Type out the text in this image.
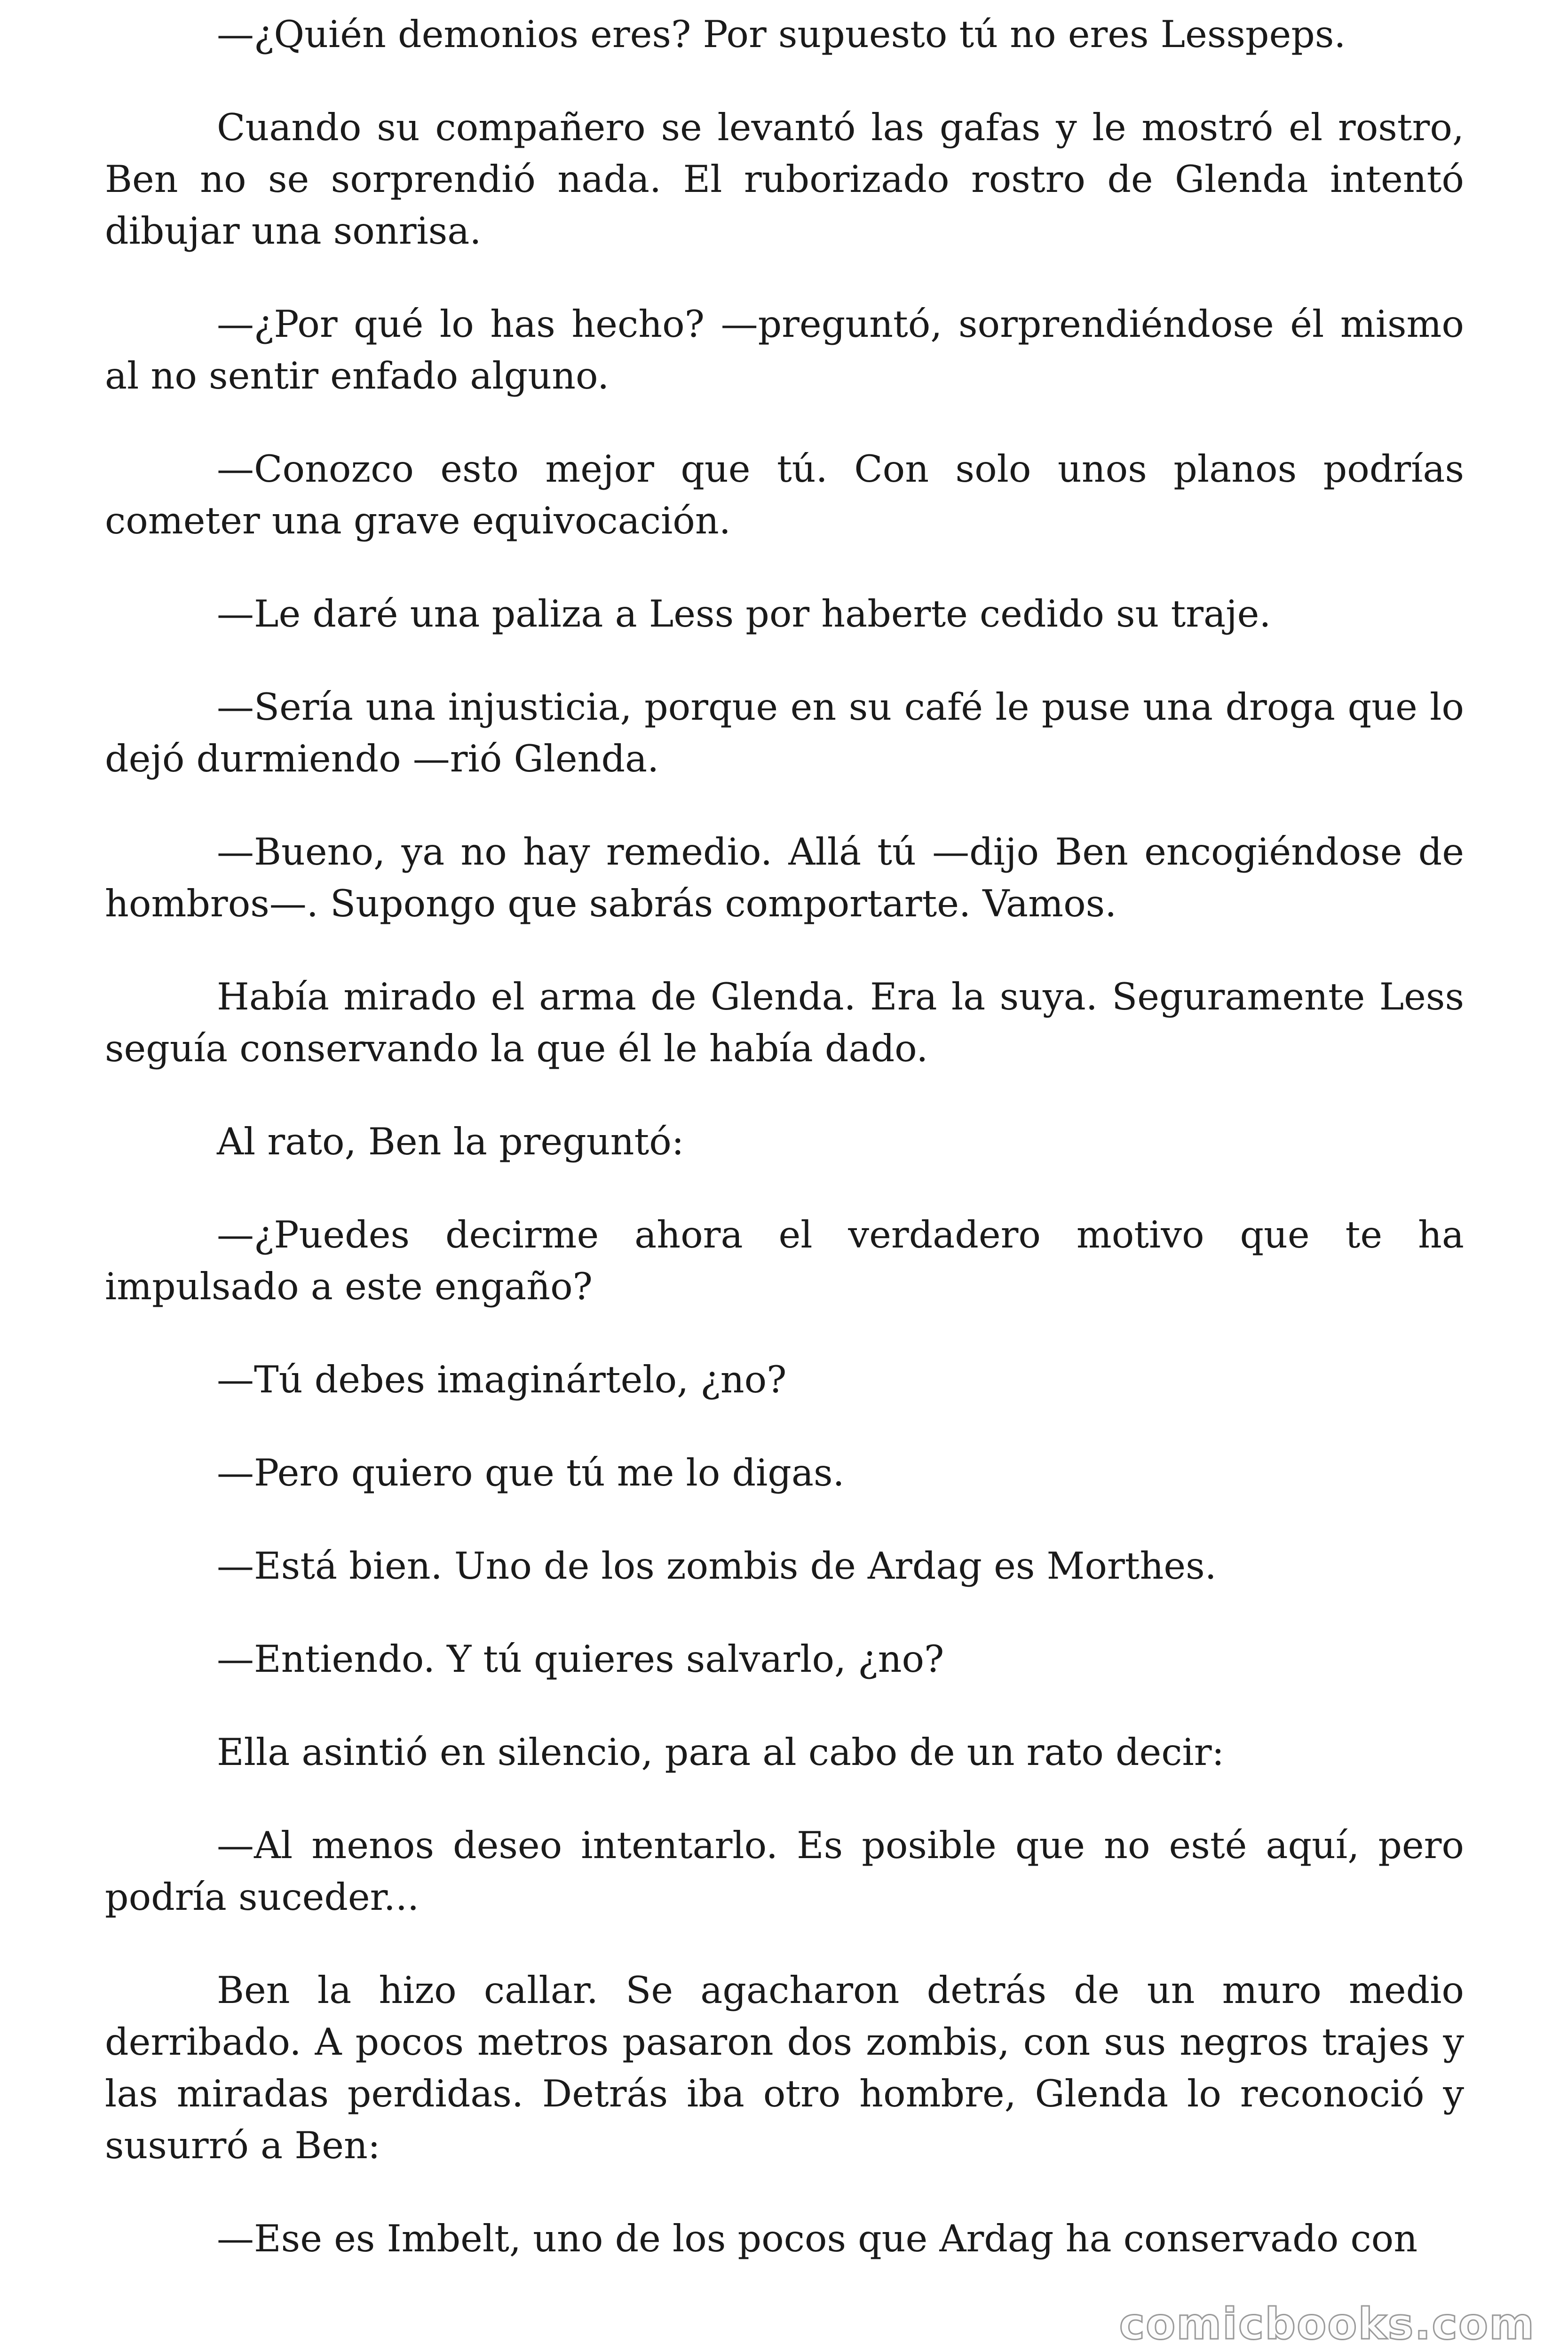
—¿Quién demonios eres? Por supuesto tú no eres Lesspeps.

Cuando su compañero se levantó las gafas y le mostró el rostro, Ben no se sorprendió nada. El ruborizado rostro de Glenda intentó dibujar una sonrisa.

—¿Por qué lo has hecho? —preguntó, sorprendiéndose él mismo al no sentir enfado alguno.

—Conozco esto mejor que tú. Con solo unos planos podrías cometer una grave equivocación.

—Le daré una paliza a Less por haberte cedido su traje.

—Sería una injusticia, porque en su café le puse una droga que lo dejó durmiendo —rió Glenda.

—Bueno, ya no hay remedio. Allá tú —dijo Ben encogiéndose de hombros—. Supongo que sabrás comportarte. Vamos.

Había mirado el arma de Glenda. Era la suya. Seguramente Less seguía conservando la que él le había dado.

Al rato, Ben la preguntó:

—¿Puedes decirme ahora el verdadero motivo que te ha impulsado a este engaño?

—Tú debes imaginártelo, ¿no?

—Pero quiero que tú me lo digas.

—Está bien. Uno de los zombis de Ardag es Morthes.

—Entiendo. Y tú quieres salvarlo, ¿no?

Ella asintió en silencio, para al cabo de un rato decir:

—Al menos deseo intentarlo. Es posible que no esté aquí, pero podría suceder...

Ben la hizo callar. Se agacharon detrás de un muro medio derribado. A pocos metros pasaron dos zombis, con sus negros trajes y las miradas perdidas. Detrás iba otro hombre, Glenda lo reconoció y susurró a Ben:

—Ese es Imbelt, uno de los pocos que Ardag ha conservado con

comicbooks.com
